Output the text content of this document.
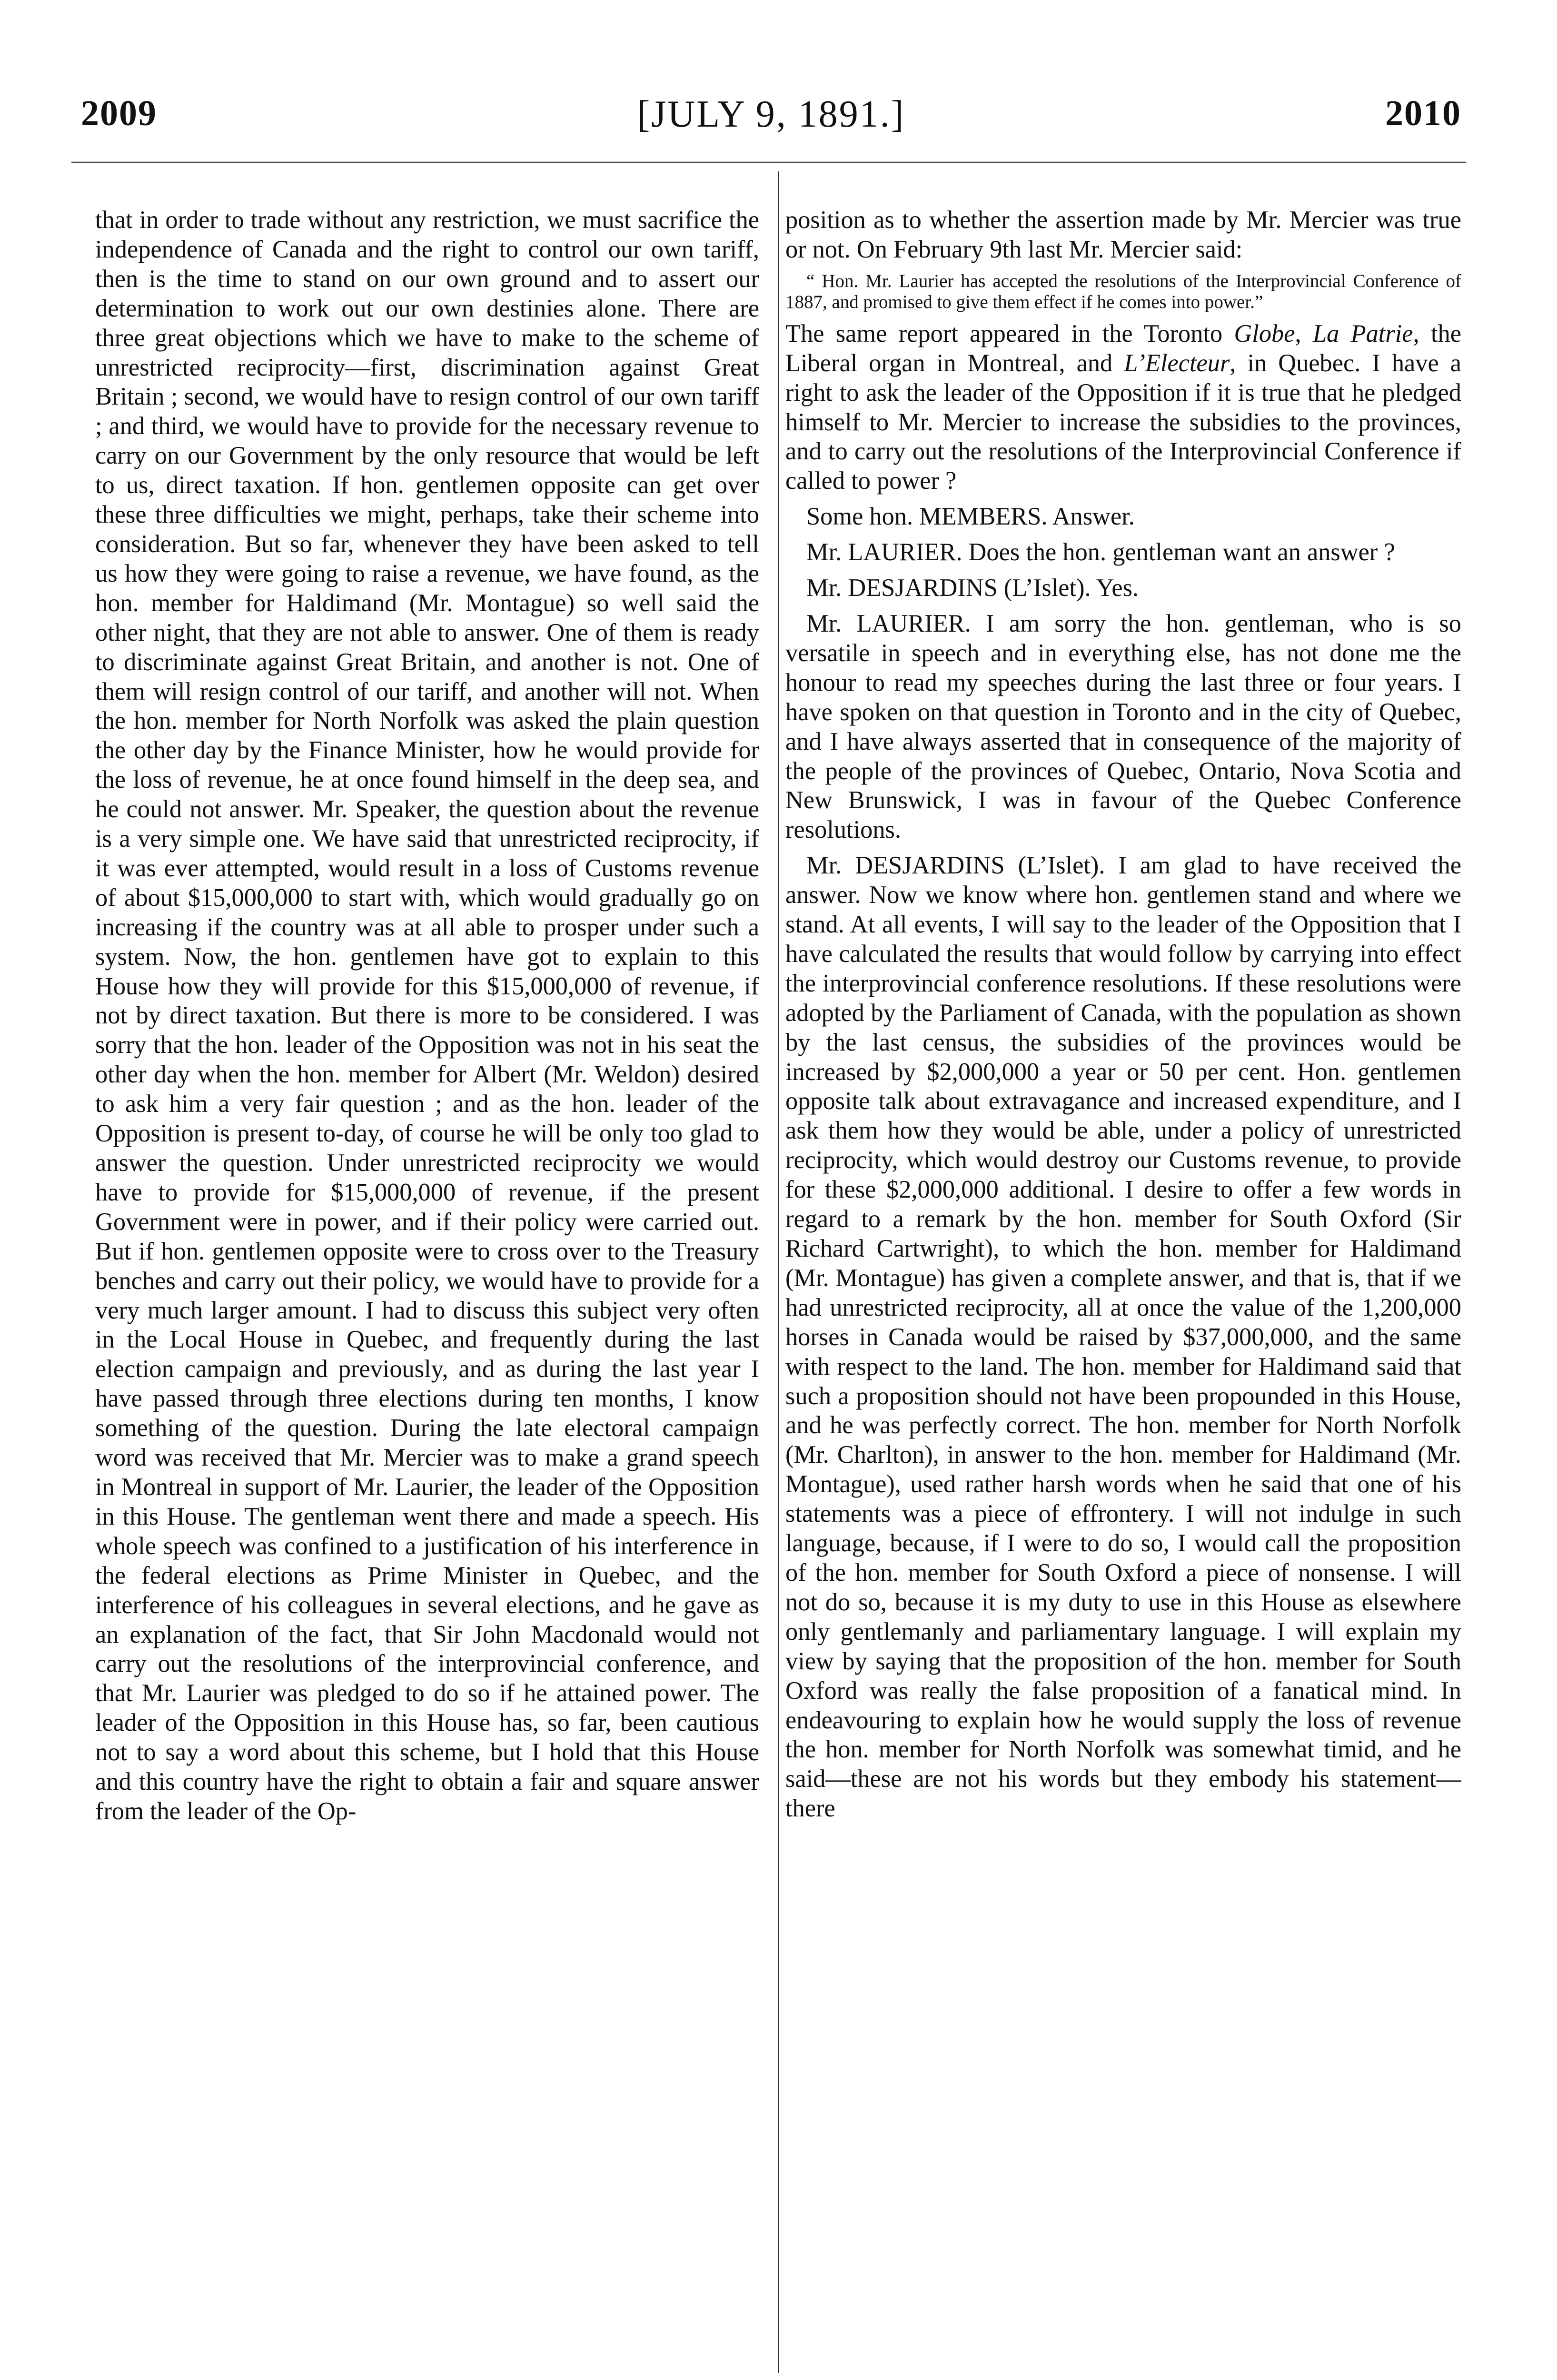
2009	[JULY 9, 1891.]	2010

that in order to trade without any restriction, we must sacrifice the independence of Canada and the right to control our own tariff, then is the time to stand on our own ground and to assert our determination to work out our own destinies alone. There are three great objections which we have to make to the scheme of unrestricted reciprocity—first, discrimination against Great Britain ; second, we would have to resign control of our own tariff ; and third, we would have to provide for the necessary revenue to carry on our Government by the only resource that would be left to us, direct taxation. If hon. gentlemen opposite can get over these three difficulties we might, perhaps, take their scheme into consideration. But so far, whenever they have been asked to tell us how they were going to raise a revenue, we have found, as the hon. member for Haldimand (Mr. Montague) so well said the other night, that they are not able to answer. One of them is ready to discriminate against Great Britain, and another is not. One of them will resign control of our tariff, and another will not. When the hon. member for North Norfolk was asked the plain question the other day by the Finance Minister, how he would provide for the loss of revenue, he at once found himself in the deep sea, and he could not answer. Mr. Speaker, the question about the revenue is a very simple one. We have said that unrestricted reciprocity, if it was ever attempted, would result in a loss of Customs revenue of about $15,000,000 to start with, which would gradually go on increasing if the country was at all able to prosper under such a system. Now, the hon. gentlemen have got to explain to this House how they will provide for this $15,000,000 of revenue, if not by direct taxation. But there is more to be considered. I was sorry that the hon. leader of the Opposition was not in his seat the other day when the hon. member for Albert (Mr. Weldon) desired to ask him a very fair question ; and as the hon. leader of the Opposition is present to-day, of course he will be only too glad to answer the question. Under unrestricted reciprocity we would have to provide for $15,000,000 of revenue, if the present Government were in power, and if their policy were carried out. But if hon. gentlemen opposite were to cross over to the Treasury benches and carry out their policy, we would have to provide for a very much larger amount. I had to discuss this subject very often in the Local House in Quebec, and frequently during the last election campaign and previously, and as during the last year I have passed through three elections during ten months, I know something of the question. During the late electoral campaign word was received that Mr. Mercier was to make a grand speech in Montreal in support of Mr. Laurier, the leader of the Opposition in this House. The gentleman went there and made a speech. His whole speech was confined to a justification of his interference in the federal elections as Prime Minister in Quebec, and the interference of his colleagues in several elections, and he gave as an explanation of the fact, that Sir John Macdonald would not carry out the resolutions of the interprovincial conference, and that Mr. Laurier was pledged to do so if he attained power. The leader of the Opposition in this House has, so far, been cautious not to say a word about this scheme, but I hold that this House and this country have the right to obtain a fair and square answer from the leader of the Op-

position as to whether the assertion made by Mr. Mercier was true or not. On February 9th last Mr. Mercier said:

“ Hon. Mr. Laurier has accepted the resolutions of the Interprovincial Conference of 1887, and promised to give them effect if he comes into power.”

The same report appeared in the Toronto Globe, La Patrie, the Liberal organ in Montreal, and L’Electeur, in Quebec. I have a right to ask the leader of the Opposition if it is true that he pledged himself to Mr. Mercier to increase the subsidies to the provinces, and to carry out the resolutions of the Interprovincial Conference if called to power ?

Some hon. MEMBERS. Answer.

Mr. LAURIER. Does the hon. gentleman want an answer ?

Mr. DESJARDINS (L’Islet). Yes.

Mr. LAURIER. I am sorry the hon. gentleman, who is so versatile in speech and in everything else, has not done me the honour to read my speeches during the last three or four years. I have spoken on that question in Toronto and in the city of Quebec, and I have always asserted that in consequence of the majority of the people of the provinces of Quebec, Ontario, Nova Scotia and New Brunswick, I was in favour of the Quebec Conference resolutions.

Mr. DESJARDINS (L’Islet). I am glad to have received the answer. Now we know where hon. gentlemen stand and where we stand. At all events, I will say to the leader of the Opposition that I have calculated the results that would follow by carrying into effect the interprovincial conference resolutions. If these resolutions were adopted by the Parliament of Canada, with the population as shown by the last census, the subsidies of the provinces would be increased by $2,000,000 a year or 50 per cent. Hon. gentlemen opposite talk about extravagance and increased expenditure, and I ask them how they would be able, under a policy of unrestricted reciprocity, which would destroy our Customs revenue, to provide for these $2,000,000 additional. I desire to offer a few words in regard to a remark by the hon. member for South Oxford (Sir Richard Cartwright), to which the hon. member for Haldimand (Mr. Montague) has given a complete answer, and that is, that if we had unrestricted reciprocity, all at once the value of the 1,200,000 horses in Canada would be raised by $37,000,000, and the same with respect to the land. The hon. member for Haldimand said that such a proposition should not have been propounded in this House, and he was perfectly correct. The hon. member for North Norfolk (Mr. Charlton), in answer to the hon. member for Haldimand (Mr. Montague), used rather harsh words when he said that one of his statements was a piece of effrontery. I will not indulge in such language, because, if I were to do so, I would call the proposition of the hon. member for South Oxford a piece of nonsense. I will not do so, because it is my duty to use in this House as elsewhere only gentlemanly and parliamentary language. I will explain my view by saying that the proposition of the hon. member for South Oxford was really the false proposition of a fanatical mind. In endeavouring to explain how he would supply the loss of revenue the hon. member for North Norfolk was somewhat timid, and he said—these are not his words but they embody his statement—there
